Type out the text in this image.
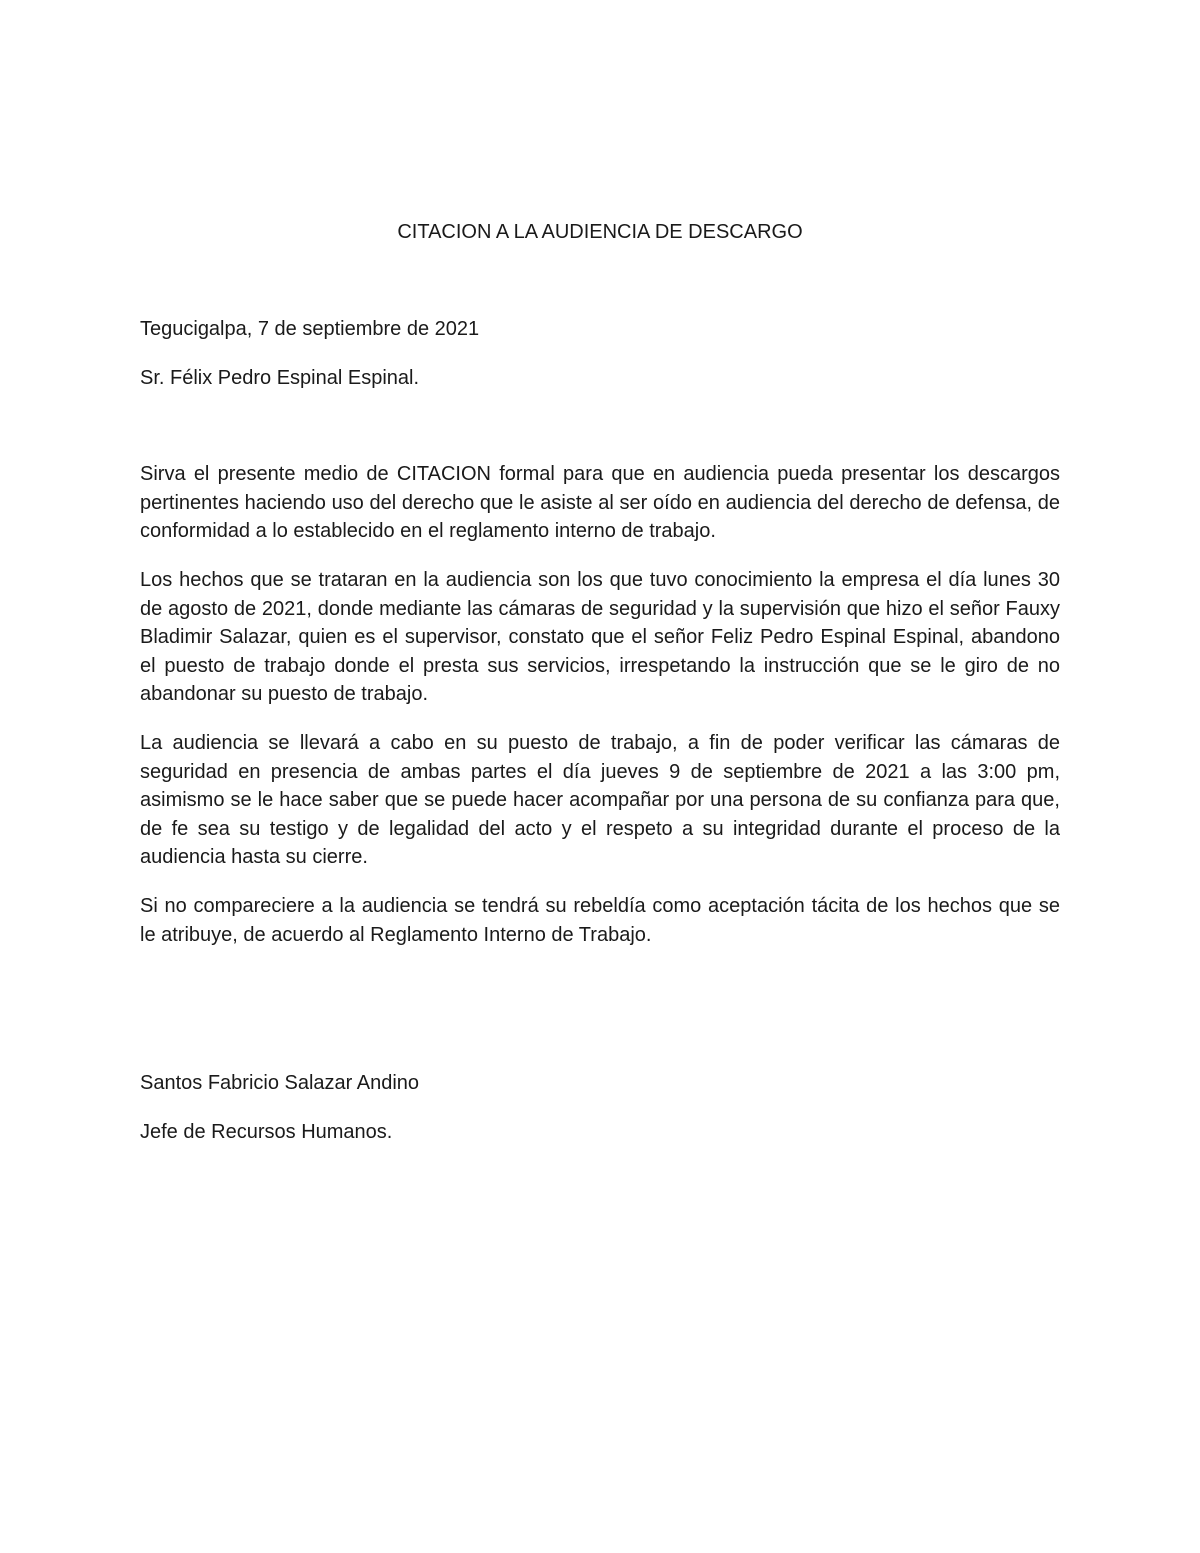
CITACION A LA AUDIENCIA DE DESCARGO

Tegucigalpa, 7 de septiembre de 2021

Sr. Félix Pedro Espinal Espinal.

Sirva el presente medio de CITACION formal para que en audiencia pueda presentar los descargos pertinentes haciendo uso del derecho que le asiste al ser oído en audiencia del derecho de defensa, de conformidad a lo establecido en el reglamento interno de trabajo.

Los hechos que se trataran en la audiencia son los que tuvo conocimiento la empresa el día lunes 30 de agosto de 2021, donde mediante las cámaras de seguridad y la supervisión que hizo el señor Fauxy Bladimir Salazar, quien es el supervisor, constato que el señor Feliz Pedro Espinal Espinal, abandono el puesto de trabajo donde el presta sus servicios, irrespetando la instrucción que se le giro de no abandonar su puesto de trabajo.

La audiencia se llevará a cabo en su puesto de trabajo, a fin de poder verificar las cámaras de seguridad en presencia de ambas partes el día jueves 9 de septiembre de 2021 a las 3:00 pm, asimismo se le hace saber que se puede hacer acompañar por una persona de su confianza para que, de fe sea su testigo y de legalidad del acto y el respeto a su integridad durante el proceso de la audiencia hasta su cierre.

Si no compareciere a la audiencia se tendrá su rebeldía como aceptación tácita de los hechos que se le atribuye, de acuerdo al Reglamento Interno de Trabajo.

Santos Fabricio Salazar Andino

Jefe de Recursos Humanos.
